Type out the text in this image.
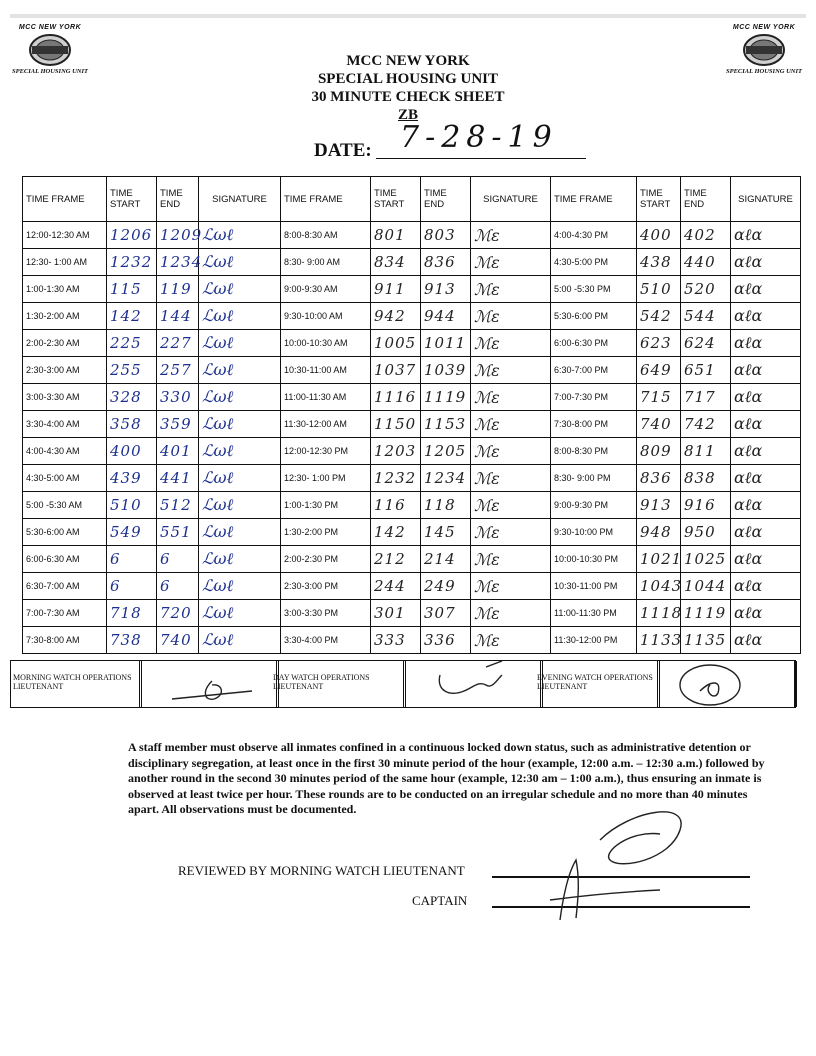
MCC NEW YORK
SPECIAL HOUSING UNIT
MCC NEW YORK
SPECIAL HOUSING UNIT
MCC NEW YORK
SPECIAL HOUSING UNIT
30 MINUTE CHECK SHEET
ZB
DATE: 7-28-19
TIME FRAME	TIME START	TIME END	SIGNATURE	TIME FRAME	TIME START	TIME END	SIGNATURE	TIME FRAME	TIME START	TIME END	SIGNATURE
12:00-12:30 AM	1206	1209	ℒωℓ	8:00-8:30 AM	801	803	ℳε	4:00-4:30 PM	400	402	αℓα
12:30- 1:00 AM	1232	1234	ℒωℓ	8:30- 9:00 AM	834	836	ℳε	4:30-5:00 PM	438	440	αℓα
1:00-1:30 AM	115	119	ℒωℓ	9:00-9:30 AM	911	913	ℳε	5:00 -5:30 PM	510	520	αℓα
1:30-2:00 AM	142	144	ℒωℓ	9:30-10:00 AM	942	944	ℳε	5:30-6:00 PM	542	544	αℓα
2:00-2:30 AM	225	227	ℒωℓ	10:00-10:30 AM	1005	1011	ℳε	6:00-6:30 PM	623	624	αℓα
2:30-3:00 AM	255	257	ℒωℓ	10:30-11:00 AM	1037	1039	ℳε	6:30-7:00 PM	649	651	αℓα
3:00-3:30 AM	328	330	ℒωℓ	11:00-11:30 AM	1116	1119	ℳε	7:00-7:30 PM	715	717	αℓα
3:30-4:00 AM	358	359	ℒωℓ	11:30-12:00 AM	1150	1153	ℳε	7:30-8:00 PM	740	742	αℓα
4:00-4:30 AM	400	401	ℒωℓ	12:00-12:30 PM	1203	1205	ℳε	8:00-8:30 PM	809	811	αℓα
4:30-5:00 AM	439	441	ℒωℓ	12:30- 1:00 PM	1232	1234	ℳε	8:30- 9:00 PM	836	838	αℓα
5:00 -5:30 AM	510	512	ℒωℓ	1:00-1:30 PM	116	118	ℳε	9:00-9:30 PM	913	916	αℓα
5:30-6:00 AM	549	551	ℒωℓ	1:30-2:00 PM	142	145	ℳε	9:30-10:00 PM	948	950	αℓα
6:00-6:30 AM	6	6	ℒωℓ	2:00-2:30 PM	212	214	ℳε	10:00-10:30 PM	1021	1025	αℓα
6:30-7:00 AM	6	6	ℒωℓ	2:30-3:00 PM	244	249	ℳε	10:30-11:00 PM	1043	1044	αℓα
7:00-7:30 AM	718	720	ℒωℓ	3:00-3:30 PM	301	307	ℳε	11:00-11:30 PM	1118	1119	αℓα
7:30-8:00 AM	738	740	ℒωℓ	3:30-4:00 PM	333	336	ℳε	11:30-12:00 PM	1133	1135	αℓα
MORNING WATCH OPERATIONS LIEUTENANT
DAY WATCH OPERATIONS LIEUTENANT
EVENING WATCH OPERATIONS LIEUTENANT
A staff member must observe all inmates confined in a continuous locked down status, such as administrative detention or disciplinary segregation, at least once in the first 30 minute period of the hour (example, 12:00 a.m. – 12:30 a.m.) followed by another round in the second 30 minutes period of the same hour (example, 12:30 am – 1:00 a.m.), thus ensuring an inmate is observed at least twice per hour. These rounds are to be conducted on an irregular schedule and no more than 40 minutes apart. All observations must be documented.
REVIEWED BY MORNING WATCH LIEUTENANT
CAPTAIN
